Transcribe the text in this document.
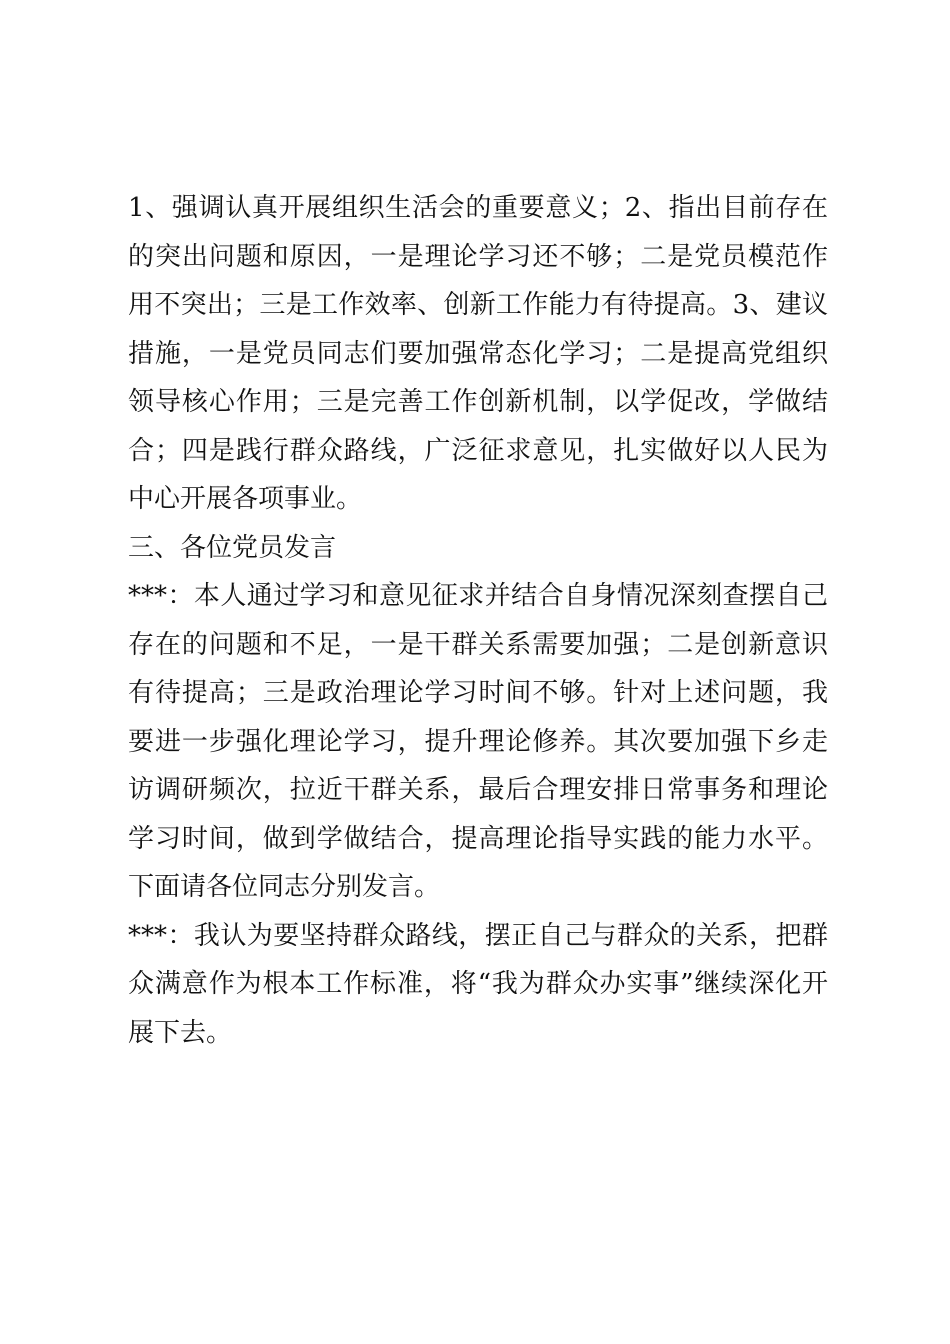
1、强调认真开展组织生活会的重要意义；2、指出目前存在的突出问题和原因，一是理论学习还不够；二是党员模范作用不突出；三是工作效率、创新工作能力有待提高。3、建议措施，一是党员同志们要加强常态化学习；二是提高党组织领导核心作用；三是完善工作创新机制，以学促改，学做结合；四是践行群众路线，广泛征求意见，扎实做好以人民为中心开展各项事业。

三、各位党员发言

***：本人通过学习和意见征求并结合自身情况深刻查摆自己存在的问题和不足，一是干群关系需要加强；二是创新意识有待提高；三是政治理论学习时间不够。针对上述问题，我要进一步强化理论学习，提升理论修养。其次要加强下乡走访调研频次，拉近干群关系，最后合理安排日常事务和理论学习时间，做到学做结合，提高理论指导实践的能力水平。下面请各位同志分别发言。

***：我认为要坚持群众路线，摆正自己与群众的关系，把群众满意作为根本工作标准，将“我为群众办实事”继续深化开展下去。
